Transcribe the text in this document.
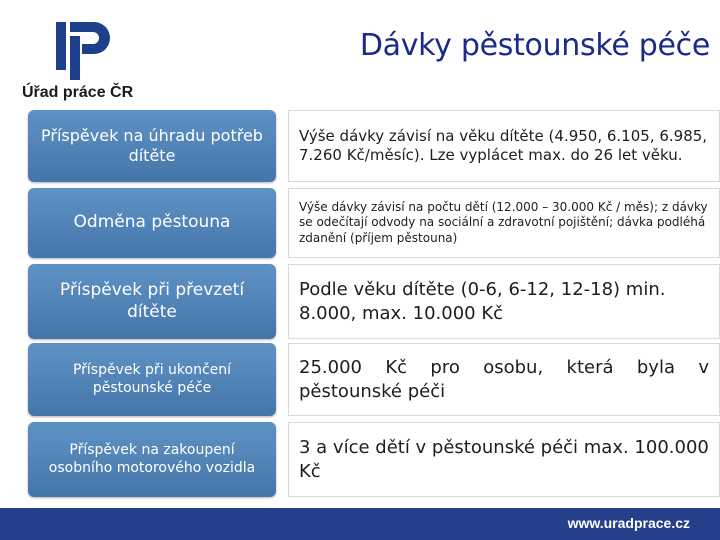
Úřad práce ČR
Dávky pěstounské péče
Příspěvek na úhradu potřeb dítěte
Výše dávky závisí na věku dítěte (4.950, 6.105, 6.985, 7.260 Kč/měsíc). Lze vyplácet max. do 26 let věku.
Odměna pěstouna
Výše dávky závisí na počtu dětí (12.000 – 30.000 Kč / měs); z dávky se odečítají odvody na sociální a zdravotní pojištění; dávka podléhá zdanění (příjem pěstouna)
Příspěvek při převzetí dítěte
Podle věku dítěte (0-6, 6-12, 12-18) min. 8.000, max. 10.000 Kč
Příspěvek při ukončení pěstounské péče
25.000 Kč pro osobu, která byla v pěstounské péči
Příspěvek na zakoupení osobního motorového vozidla
3 a více dětí v pěstounské péči max. 100.000 Kč
www.uradprace.cz
